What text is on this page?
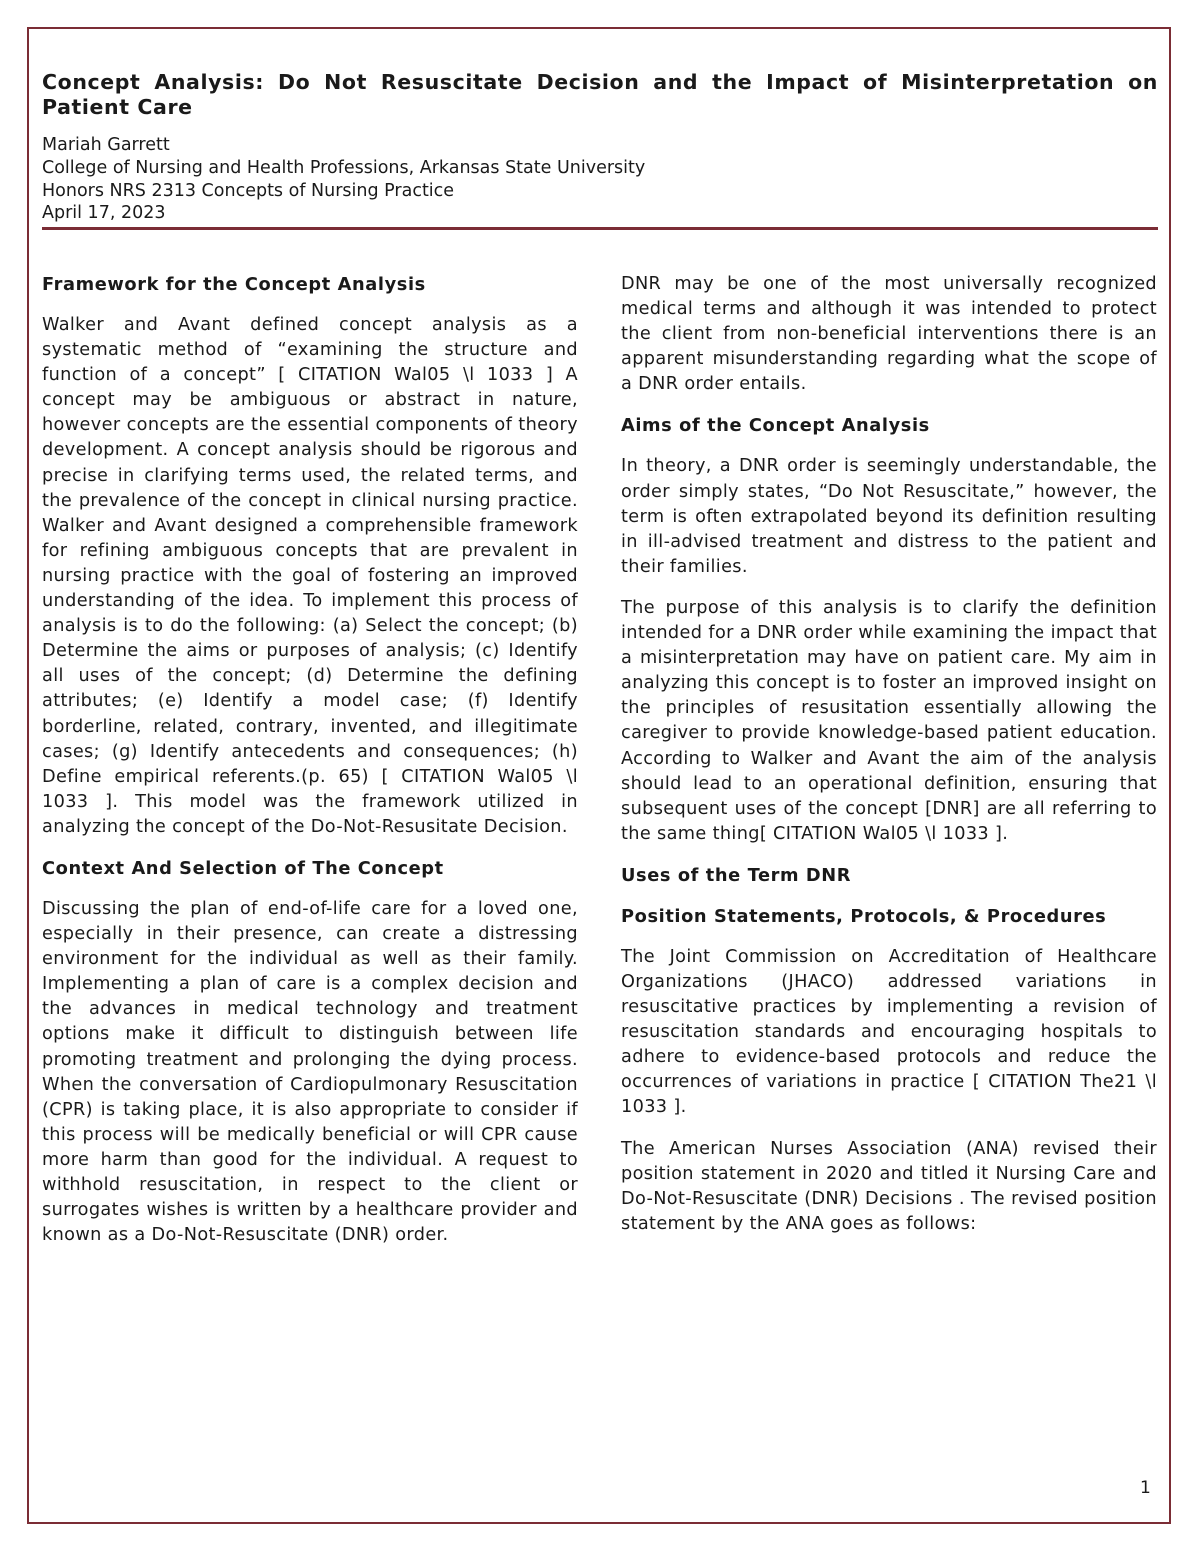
Concept Analysis: Do Not Resuscitate Decision and the Impact of Misinterpretation on Patient Care
Mariah Garrett
College of Nursing and Health Professions, Arkansas State University
Honors NRS 2313 Concepts of Nursing Practice
April 17, 2023
Framework for the Concept Analysis

Walker and Avant defined concept analysis as a systematic method of “examining the structure and function of a concept” [ CITATION Wal05 \l 1033 ] A concept may be ambiguous or abstract in nature, however concepts are the essential components of theory development. A concept analysis should be rigorous and precise in clarifying terms used, the related terms, and the prevalence of the concept in clinical nursing practice. Walker and Avant designed a comprehensible framework for refining ambiguous concepts that are prevalent in nursing practice with the goal of fostering an improved understanding of the idea. To implement this process of analysis is to do the following: (a) Select the concept; (b) Determine the aims or purposes of analysis; (c) Identify all uses of the concept; (d) Determine the defining attributes; (e) Identify a model case; (f) Identify borderline, related, contrary, invented, and illegitimate cases; (g) Identify antecedents and consequences; (h) Define empirical referents.(p. 65) [ CITATION Wal05 \l 1033 ]. This model was the framework utilized in analyzing the concept of the Do-Not-Resusitate Decision.

Context And Selection of The Concept

Discussing the plan of end-of-life care for a loved one, especially in their presence, can create a distressing environment for the individual as well as their family. Implementing a plan of care is a complex decision and the advances in medical technology and treatment options make it difficult to distinguish between life promoting treatment and prolonging the dying process. When the conversation of Cardiopulmonary Resuscitation (CPR) is taking place, it is also appropriate to consider if this process will be medically beneficial or will CPR cause more harm than good for the individual. A request to withhold resuscitation, in respect to the client or surrogates wishes is written by a healthcare provider and known as a Do-Not-Resuscitate (DNR) order.

DNR may be one of the most universally recognized medical terms and although it was intended to protect the client from non-beneficial interventions there is an apparent misunderstanding regarding what the scope of a DNR order entails.

Aims of the Concept Analysis

In theory, a DNR order is seemingly understandable, the order simply states, “Do Not Resuscitate,” however, the term is often extrapolated beyond its definition resulting in ill-advised treatment and distress to the patient and their families.

The purpose of this analysis is to clarify the definition intended for a DNR order while examining the impact that a misinterpretation may have on patient care. My aim in analyzing this concept is to foster an improved insight on the principles of resusitation essentially allowing the caregiver to provide knowledge-based patient education. According to Walker and Avant the aim of the analysis should lead to an operational definition, ensuring that subsequent uses of the concept [DNR] are all referring to the same thing[ CITATION Wal05 \l 1033 ].

Uses of the Term DNR
Position Statements, Protocols, & Procedures

The Joint Commission on Accreditation of Healthcare Organizations (JHACO) addressed variations in resuscitative practices by implementing a revision of resuscitation standards and encouraging hospitals to adhere to evidence-based protocols and reduce the occurrences of variations in practice [ CITATION The21 \l 1033 ].

The American Nurses Association (ANA) revised their position statement in 2020 and titled it Nursing Care and Do-Not-Resuscitate (DNR) Decisions . The revised position statement by the ANA goes as follows:

1
